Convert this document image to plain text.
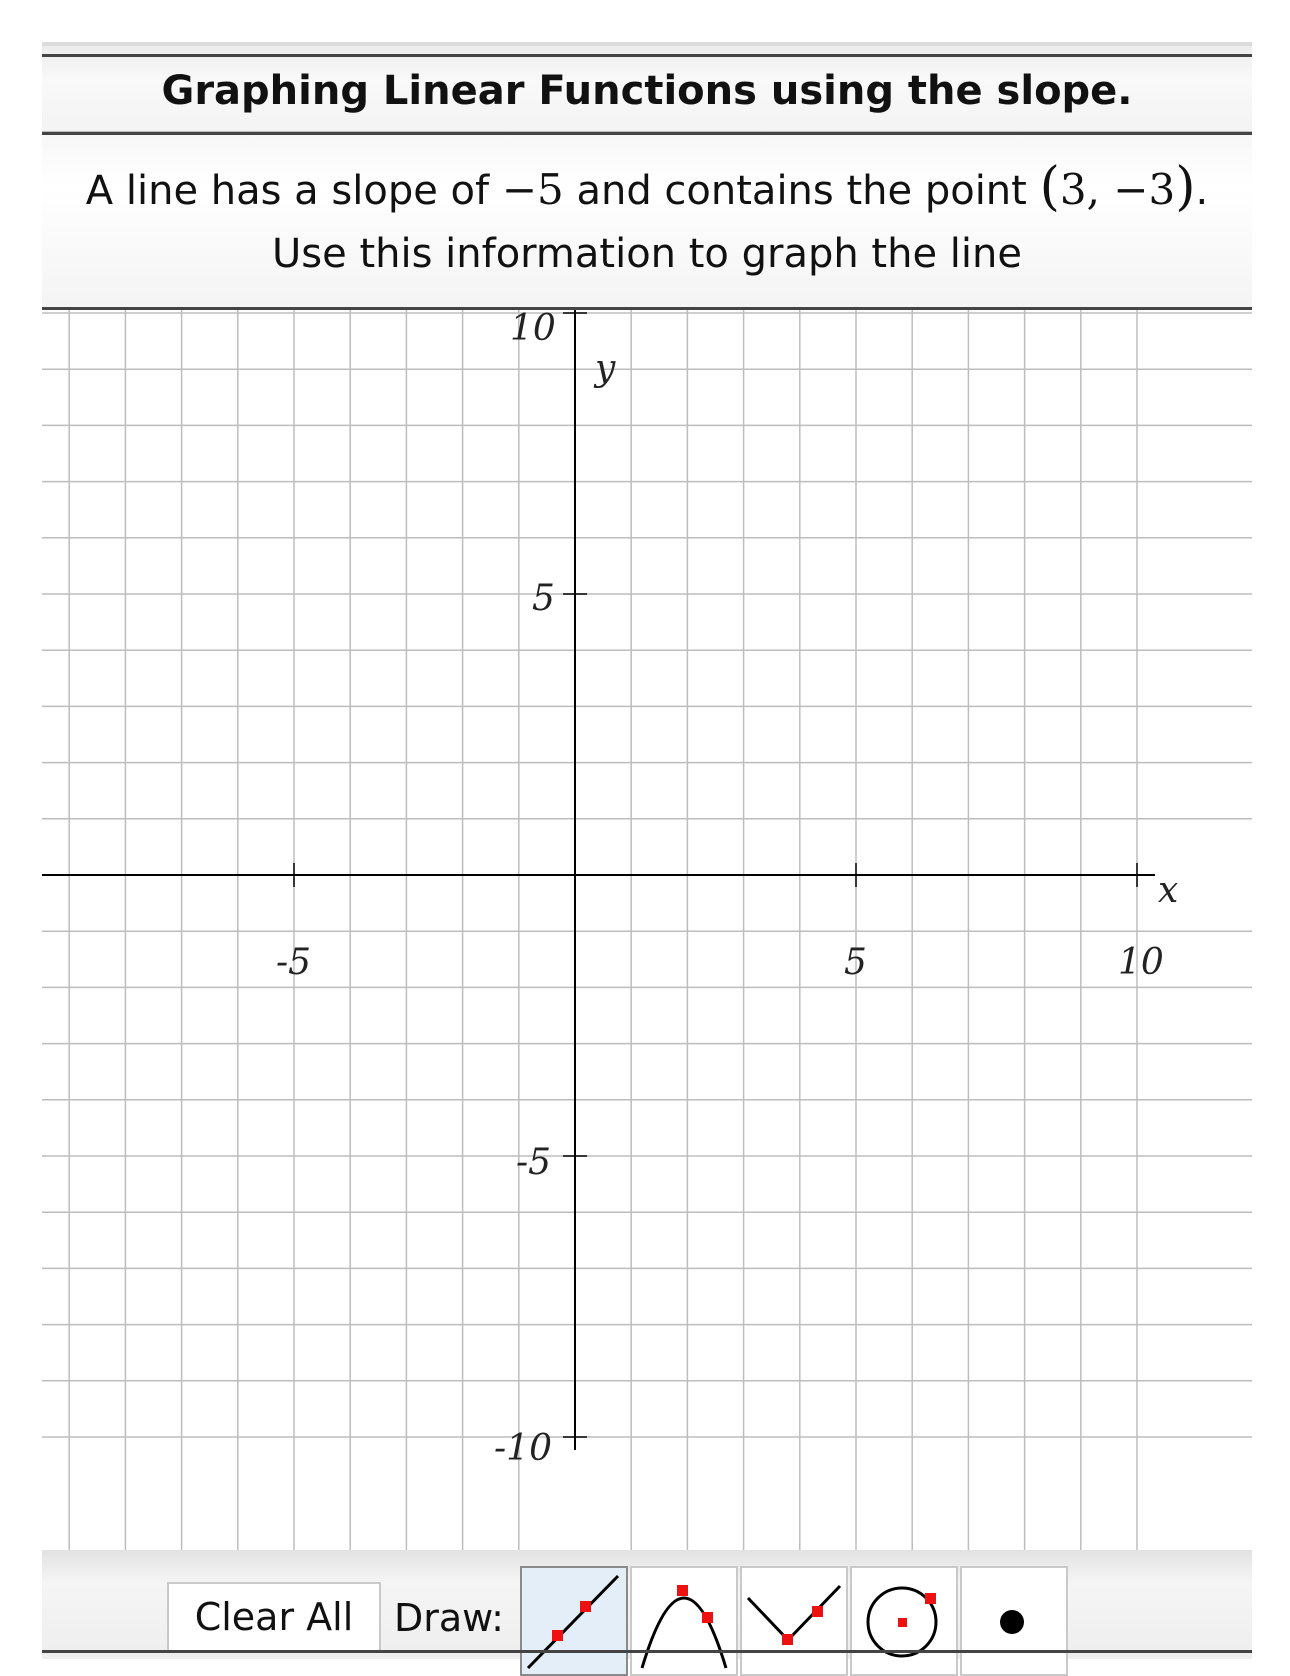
Graphing Linear Functions using the slope.
A line has a slope of −5 and contains the point (3, −3).
Use this information to graph the line
x
y
-5	5	10
10
5
-5
-10
Clear All	Draw:
